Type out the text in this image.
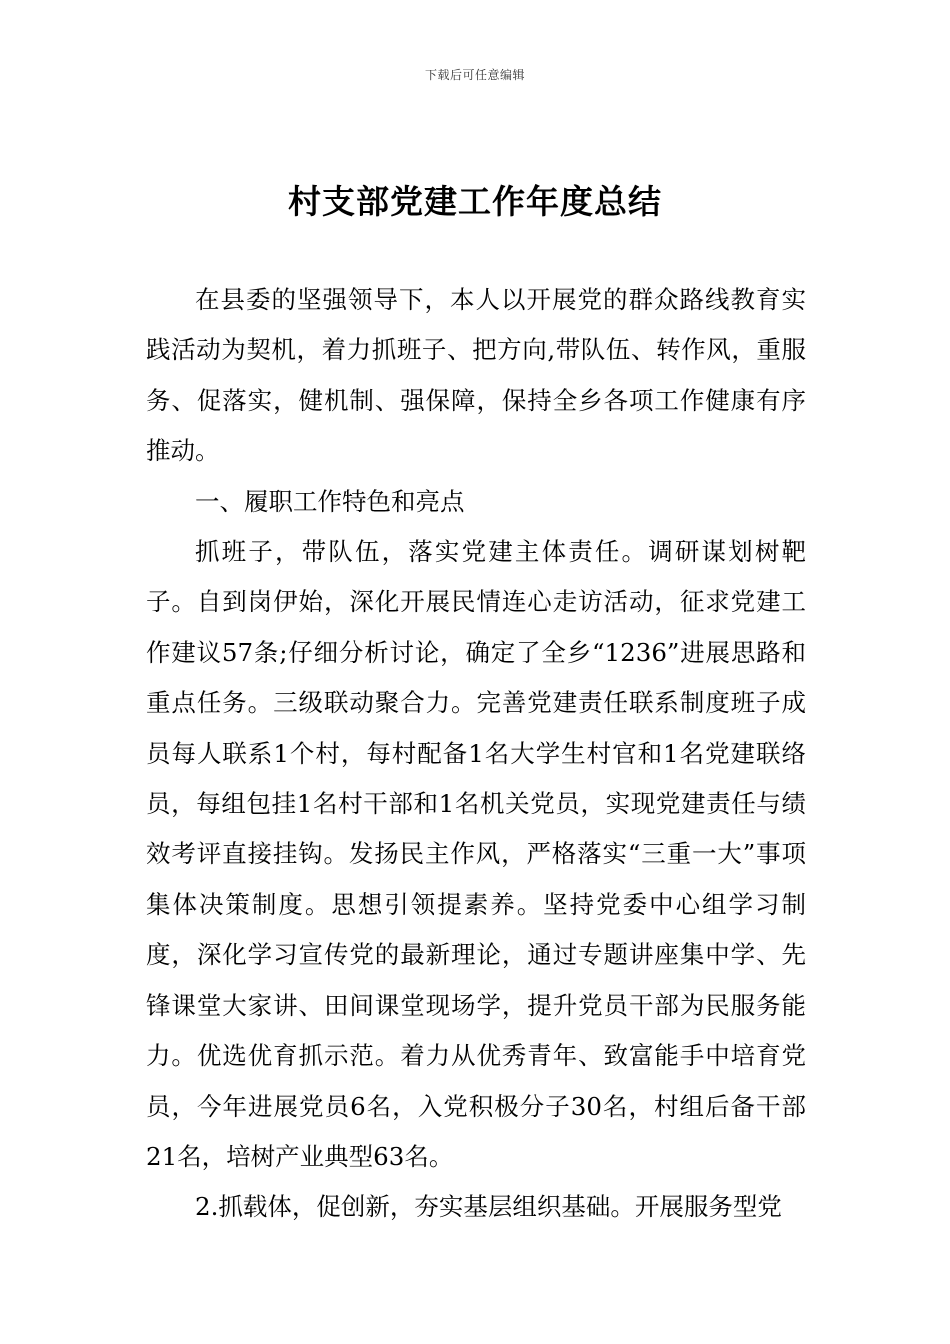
下载后可任意编辑
村支部党建工作年度总结

在县委的坚强领导下，本人以开展党的群众路线教育实践活动为契机，着力抓班子、把方向,带队伍、转作风，重服务、促落实，健机制、强保障，保持全乡各项工作健康有序推动。

一、履职工作特色和亮点

抓班子，带队伍，落实党建主体责任。调研谋划树靶子。自到岗伊始，深化开展民情连心走访活动，征求党建工作建议57条;仔细分析讨论，确定了全乡“1236”进展思路和重点任务。三级联动聚合力。完善党建责任联系制度班子成员每人联系1个村，每村配备1名大学生村官和1名党建联络员，每组包挂1名村干部和1名机关党员，实现党建责任与绩效考评直接挂钩。发扬民主作风，严格落实“三重一大”事项集体决策制度。思想引领提素养。坚持党委中心组学习制度，深化学习宣传党的最新理论，通过专题讲座集中学、先锋课堂大家讲、田间课堂现场学，提升党员干部为民服务能力。优选优育抓示范。着力从优秀青年、致富能手中培育党员，今年进展党员6名，入党积极分子30名，村组后备干部21名，培树产业典型63名。

2.抓载体，促创新，夯实基层组织基础。开展服务型党
